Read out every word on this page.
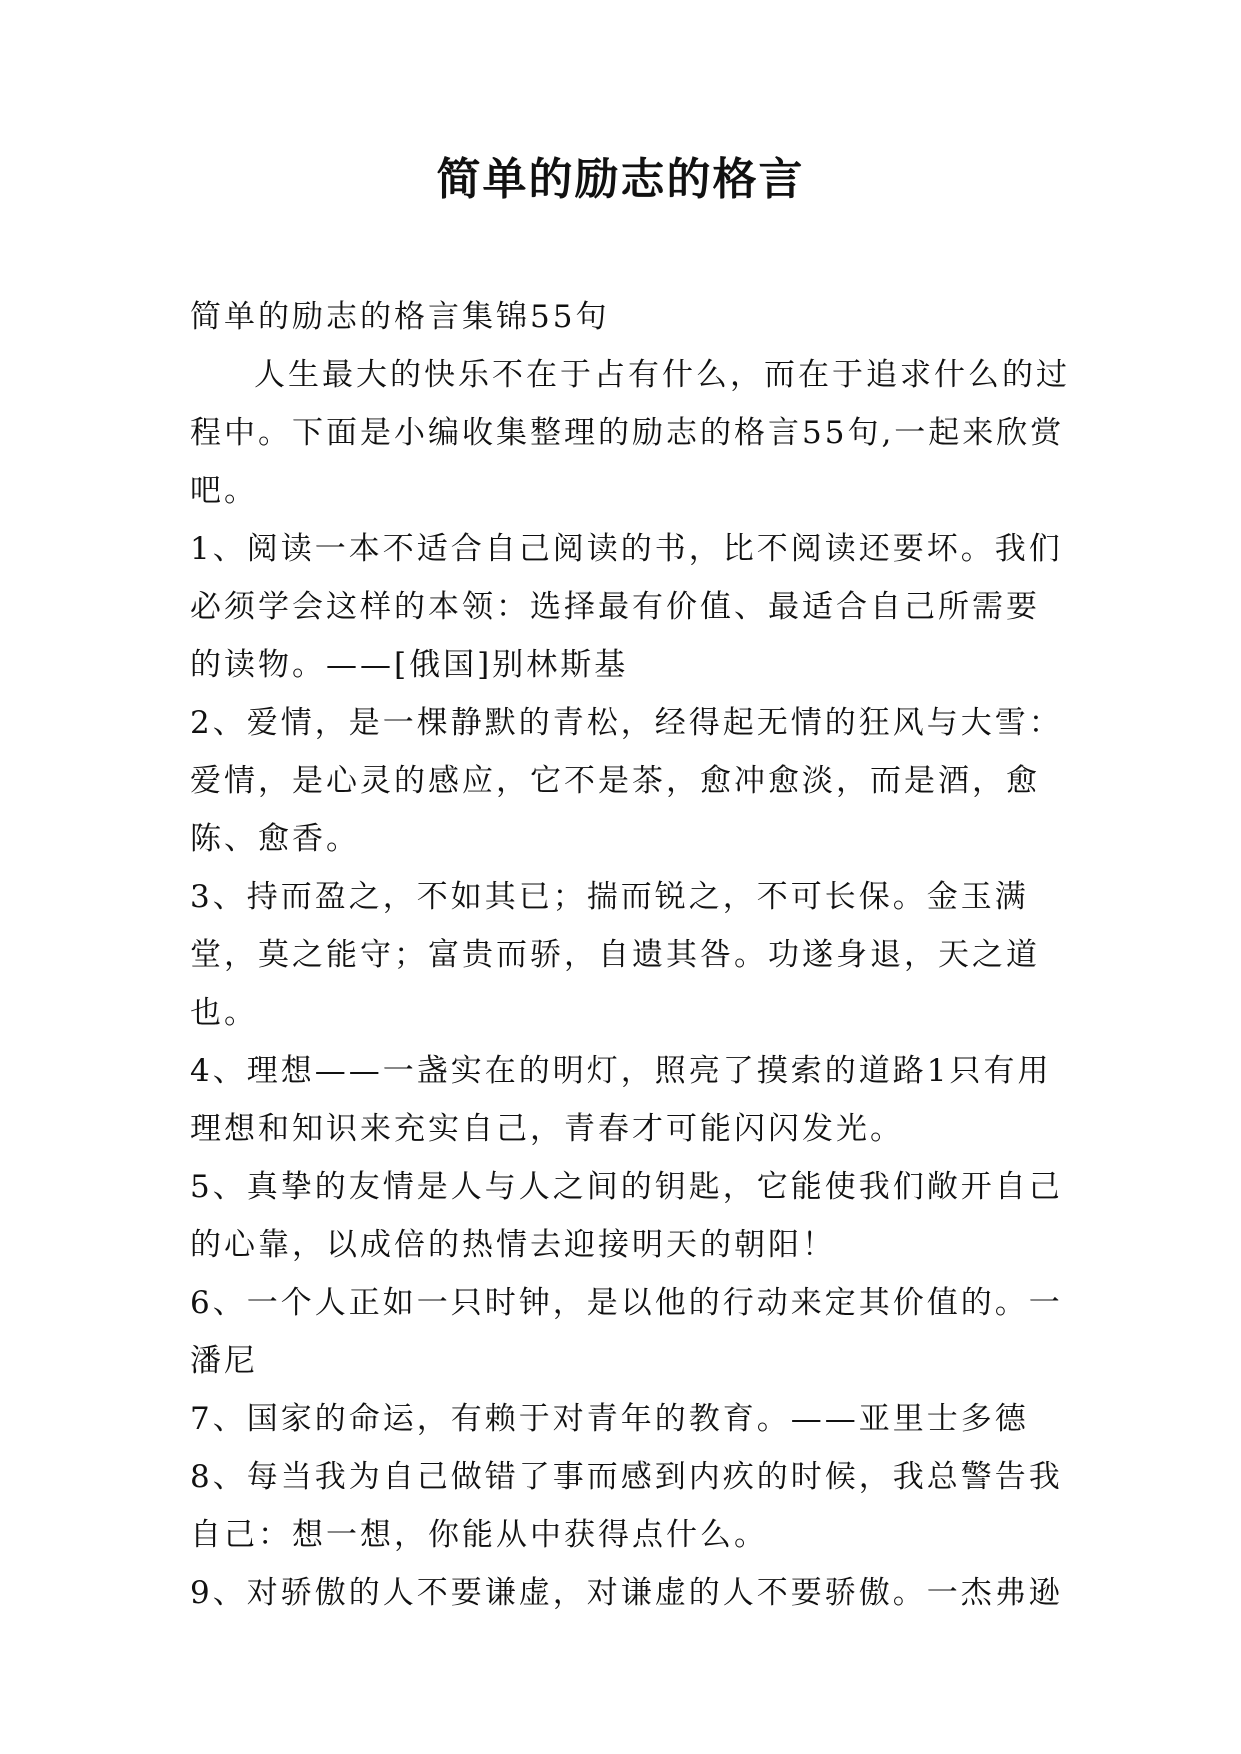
简单的励志的格言

简单的励志的格言集锦55句

人生最大的快乐不在于占有什么，而在于追求什么的过程中。下面是小编收集整理的励志的格言55句,一起来欣赏吧。

1、阅读一本不适合自己阅读的书，比不阅读还要坏。我们必须学会这样的本领：选择最有价值、最适合自己所需要的读物。——[俄国]别林斯基

2、爱情，是一棵静默的青松，经得起无情的狂风与大雪：爱情，是心灵的感应，它不是茶，愈冲愈淡，而是酒，愈陈、愈香。

3、持而盈之，不如其已；揣而锐之，不可长保。金玉满堂，莫之能守；富贵而骄，自遗其咎。功遂身退，天之道也。

4、理想——一盏实在的明灯，照亮了摸索的道路1只有用理想和知识来充实自己，青春才可能闪闪发光。

5、真挚的友情是人与人之间的钥匙，它能使我们敞开自己的心靠，以成倍的热情去迎接明天的朝阳！

6、一个人正如一只时钟，是以他的行动来定其价值的。一潘尼

7、国家的命运，有赖于对青年的教育。——亚里士多德

8、每当我为自己做错了事而感到内疚的时候，我总警告我自己：想一想，你能从中获得点什么。

9、对骄傲的人不要谦虚，对谦虚的人不要骄傲。一杰弗逊
